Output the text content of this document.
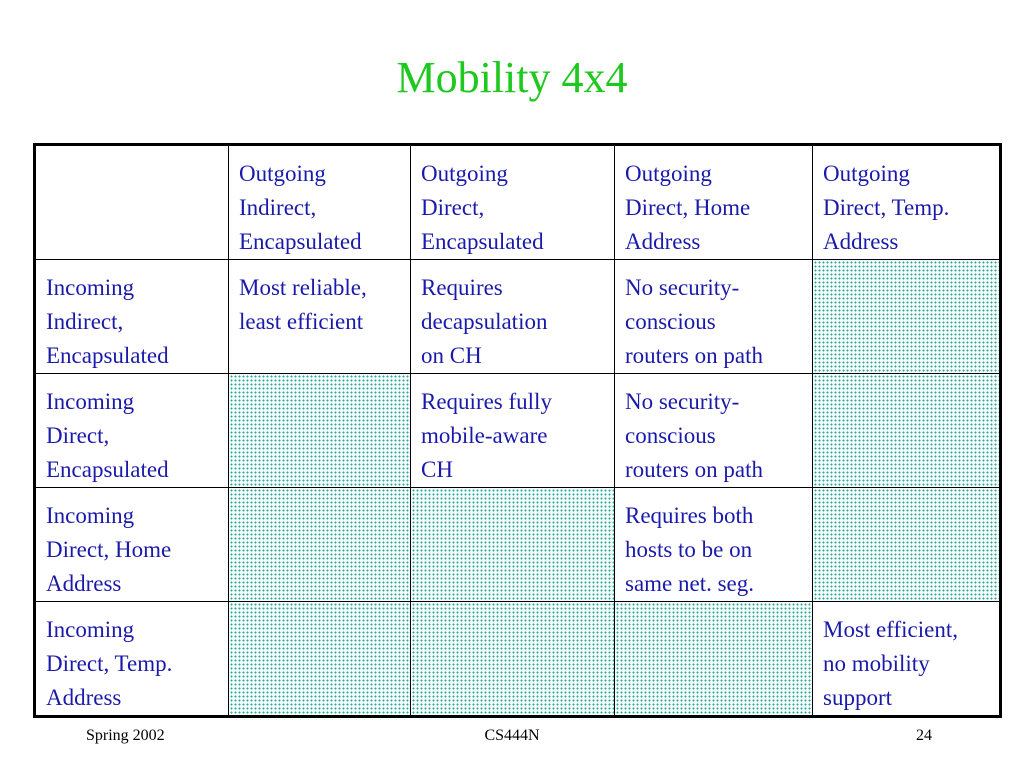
Mobility 4x4
	Outgoing
Indirect,
Encapsulated	Outgoing
Direct,
Encapsulated	Outgoing
Direct, Home
Address	Outgoing
Direct, Temp.
Address
Incoming
Indirect,
Encapsulated	Most reliable,
least efficient	Requires
decapsulation
on CH	No security-
conscious
routers on path	
Incoming
Direct,
Encapsulated		Requires fully
mobile-aware
CH	No security-
conscious
routers on path	
Incoming
Direct, Home
Address			Requires both
hosts to be on
same net. seg.	
Incoming
Direct, Temp.
Address				Most efficient,
no mobility
support
Spring 2002	CS444N	24
